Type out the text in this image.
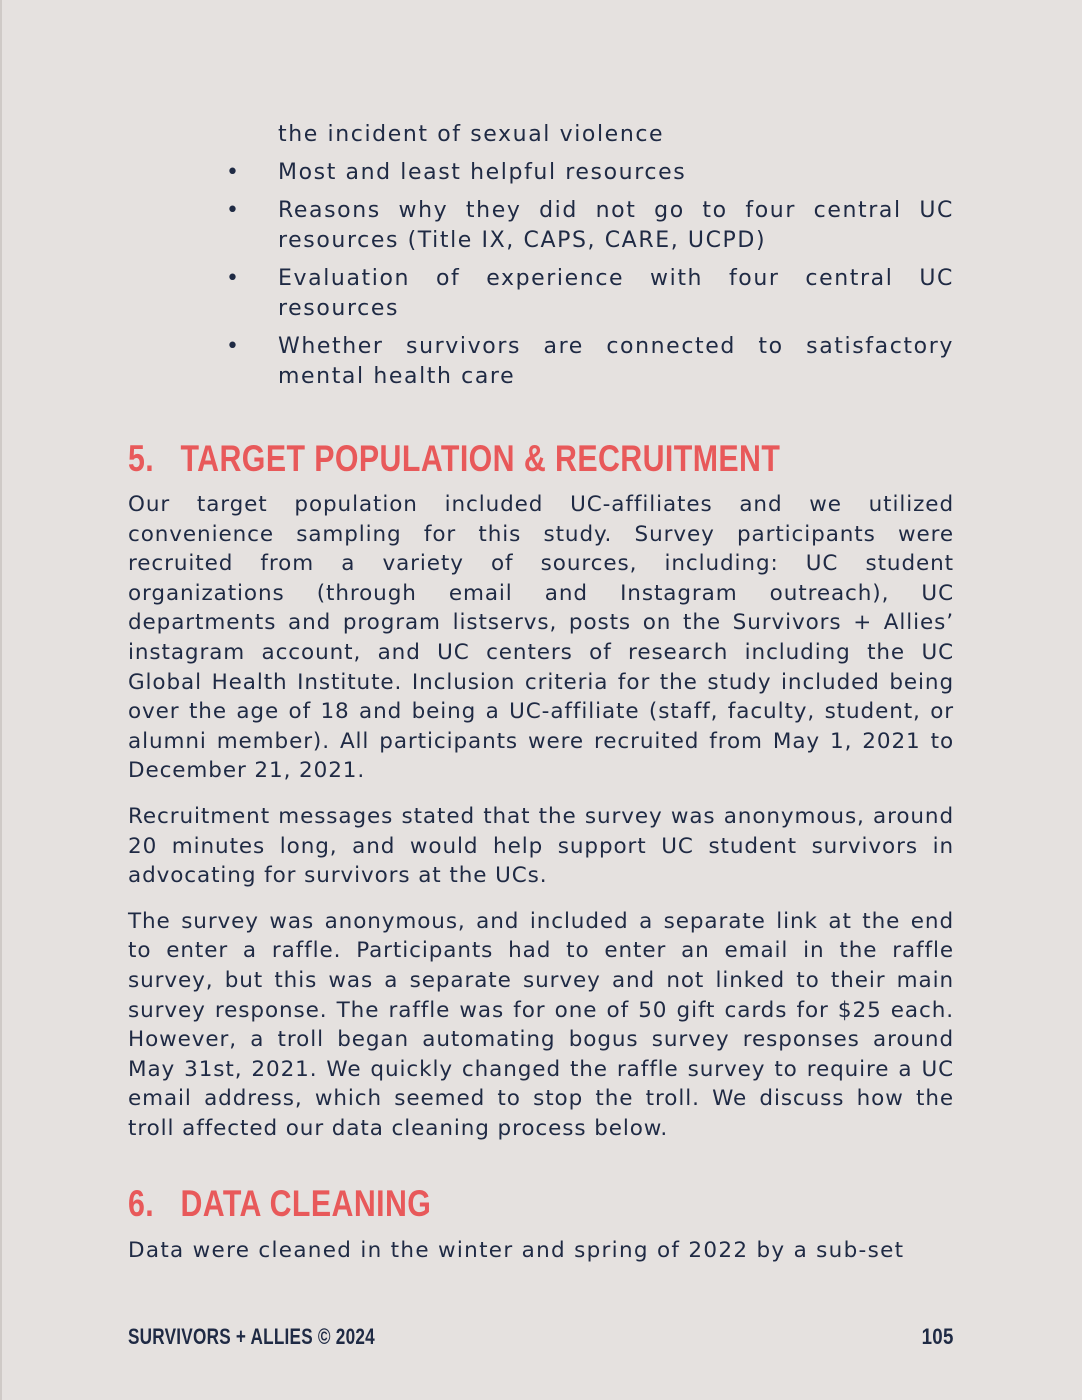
the incident of sexual violence
• Most and least helpful resources
• Reasons why they did not go to four central UC resources (Title IX, CAPS, CARE, UCPD)
• Evaluation of experience with four central UC resources
• Whether survivors are connected to satisfactory mental health care
5. TARGET POPULATION & RECRUITMENT

Our target population included UC-affiliates and we utilized convenience sampling for this study. Survey participants were recruited from a variety of sources, including: UC student organizations (through email and Instagram outreach), UC departments and program listservs, posts on the Survivors + Allies’ instagram account, and UC centers of research including the UC Global Health Institute. Inclusion criteria for the study included being over the age of 18 and being a UC-affiliate (staff, faculty, student, or alumni member). All participants were recruited from May 1, 2021 to December 21, 2021.

Recruitment messages stated that the survey was anonymous, around 20 minutes long, and would help support UC student survivors in advocating for survivors at the UCs.

The survey was anonymous, and included a separate link at the end to enter a raffle. Participants had to enter an email in the raffle survey, but this was a separate survey and not linked to their main survey response. The raffle was for one of 50 gift cards for $25 each. However, a troll began automating bogus survey responses around May 31st, 2021. We quickly changed the raffle survey to require a UC email address, which seemed to stop the troll. We discuss how the troll affected our data cleaning process below.

6. DATA CLEANING

Data were cleaned in the winter and spring of 2022 by a sub-set

SURVIVORS + ALLIES © 2024	105
